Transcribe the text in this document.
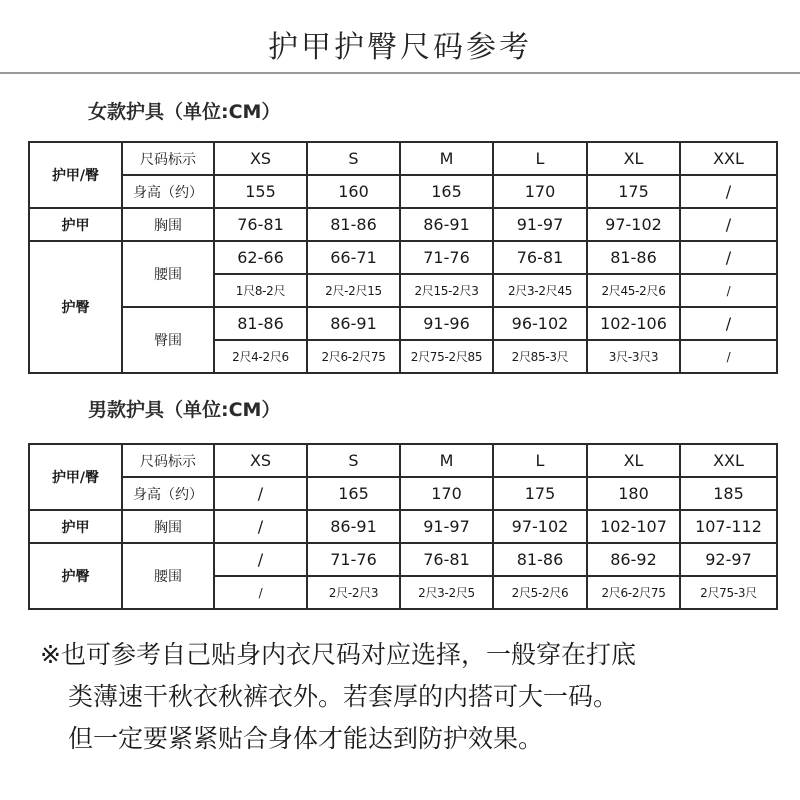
护甲护臀尺码参考
女款护具（单位:CM）
护甲/臀	尺码标示	XS	S	M	L	XL	XXL
	身高（约）	155	160	165	170	175	/
护甲	胸围	76-81	81-86	86-91	91-97	97-102	/
护臀	腰围	62-66	66-71	71-76	76-81	81-86	/
		1尺8-2尺	2尺-2尺15	2尺15-2尺3	2尺3-2尺45	2尺45-2尺6	/
	臀围	81-86	86-91	91-96	96-102	102-106	/
		2尺4-2尺6	2尺6-2尺75	2尺75-2尺85	2尺85-3尺	3尺-3尺3	/
男款护具（单位:CM）
护甲/臀	尺码标示	XS	S	M	L	XL	XXL
	身高（约）	/	165	170	175	180	185
护甲	胸围	/	86-91	91-97	97-102	102-107	107-112
护臀	腰围	/	71-76	76-81	81-86	86-92	92-97
		/	2尺-2尺3	2尺3-2尺5	2尺5-2尺6	2尺6-2尺75	2尺75-3尺

※也可参考自己贴身内衣尺码对应选择，一般穿在打底

类薄速干秋衣秋裤衣外。若套厚的内搭可大一码。

但一定要紧紧贴合身体才能达到防护效果。
